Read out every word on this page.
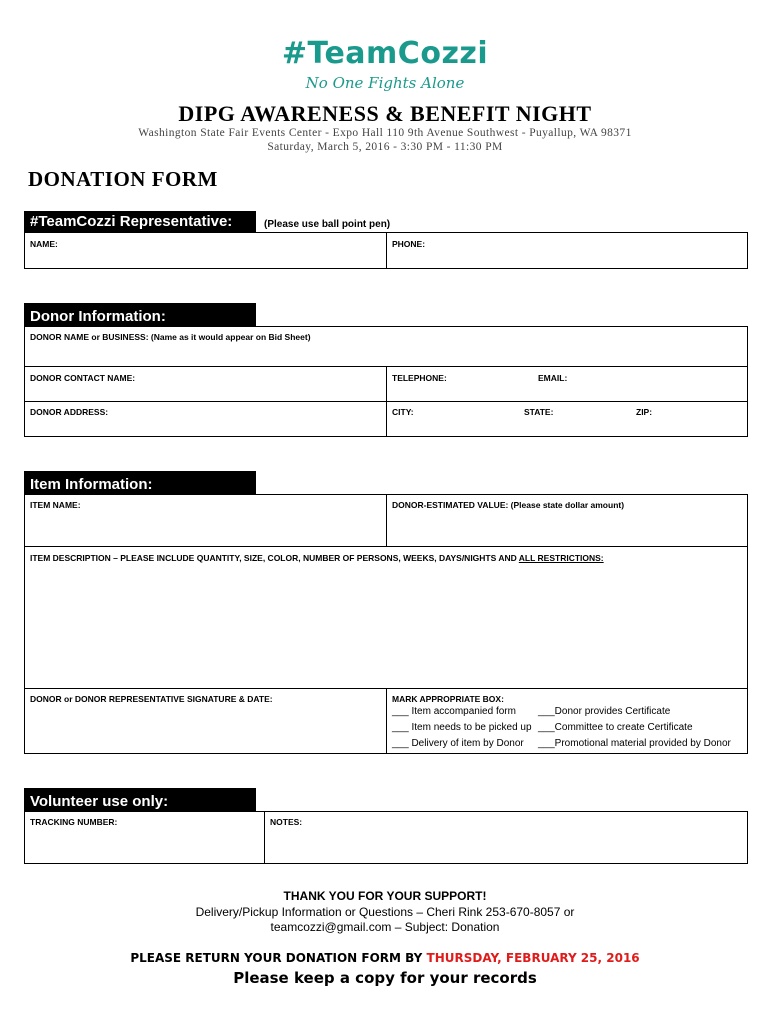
#TeamCozzi
No One Fights Alone
DIPG AWARENESS & BENEFIT NIGHT
Washington State Fair Events Center - Expo Hall 110 9th Avenue Southwest - Puyallup, WA 98371
Saturday, March 5, 2016 - 3:30 PM - 11:30 PM
DONATION FORM
#TeamCozzi Representative:	(Please use ball point pen)
NAME:	PHONE:
Donor Information:
DONOR NAME or BUSINESS: (Name as it would appear on Bid Sheet)
DONOR CONTACT NAME:	TELEPHONE:	EMAIL:
DONOR ADDRESS:	CITY:	STATE:	ZIP:
Item Information:
ITEM NAME:	DONOR-ESTIMATED VALUE: (Please state dollar amount)
ITEM DESCRIPTION – PLEASE INCLUDE QUANTITY, SIZE, COLOR, NUMBER OF PERSONS, WEEKS, DAYS/NIGHTS AND ALL RESTRICTIONS:
DONOR or DONOR REPRESENTATIVE SIGNATURE & DATE:	MARK APPROPRIATE BOX:
___ Item accompanied form
___ Item needs to be picked up
___ Delivery of item by Donor
___Donor provides Certificate
___Committee to create Certificate
___Promotional material provided by Donor
Volunteer use only:
TRACKING NUMBER:	NOTES:
THANK YOU FOR YOUR SUPPORT!
Delivery/Pickup Information or Questions – Cheri Rink 253-670-8057 or
teamcozzi@gmail.com – Subject: Donation
PLEASE RETURN YOUR DONATION FORM BY THURSDAY, FEBRUARY 25, 2016
Please keep a copy for your records
